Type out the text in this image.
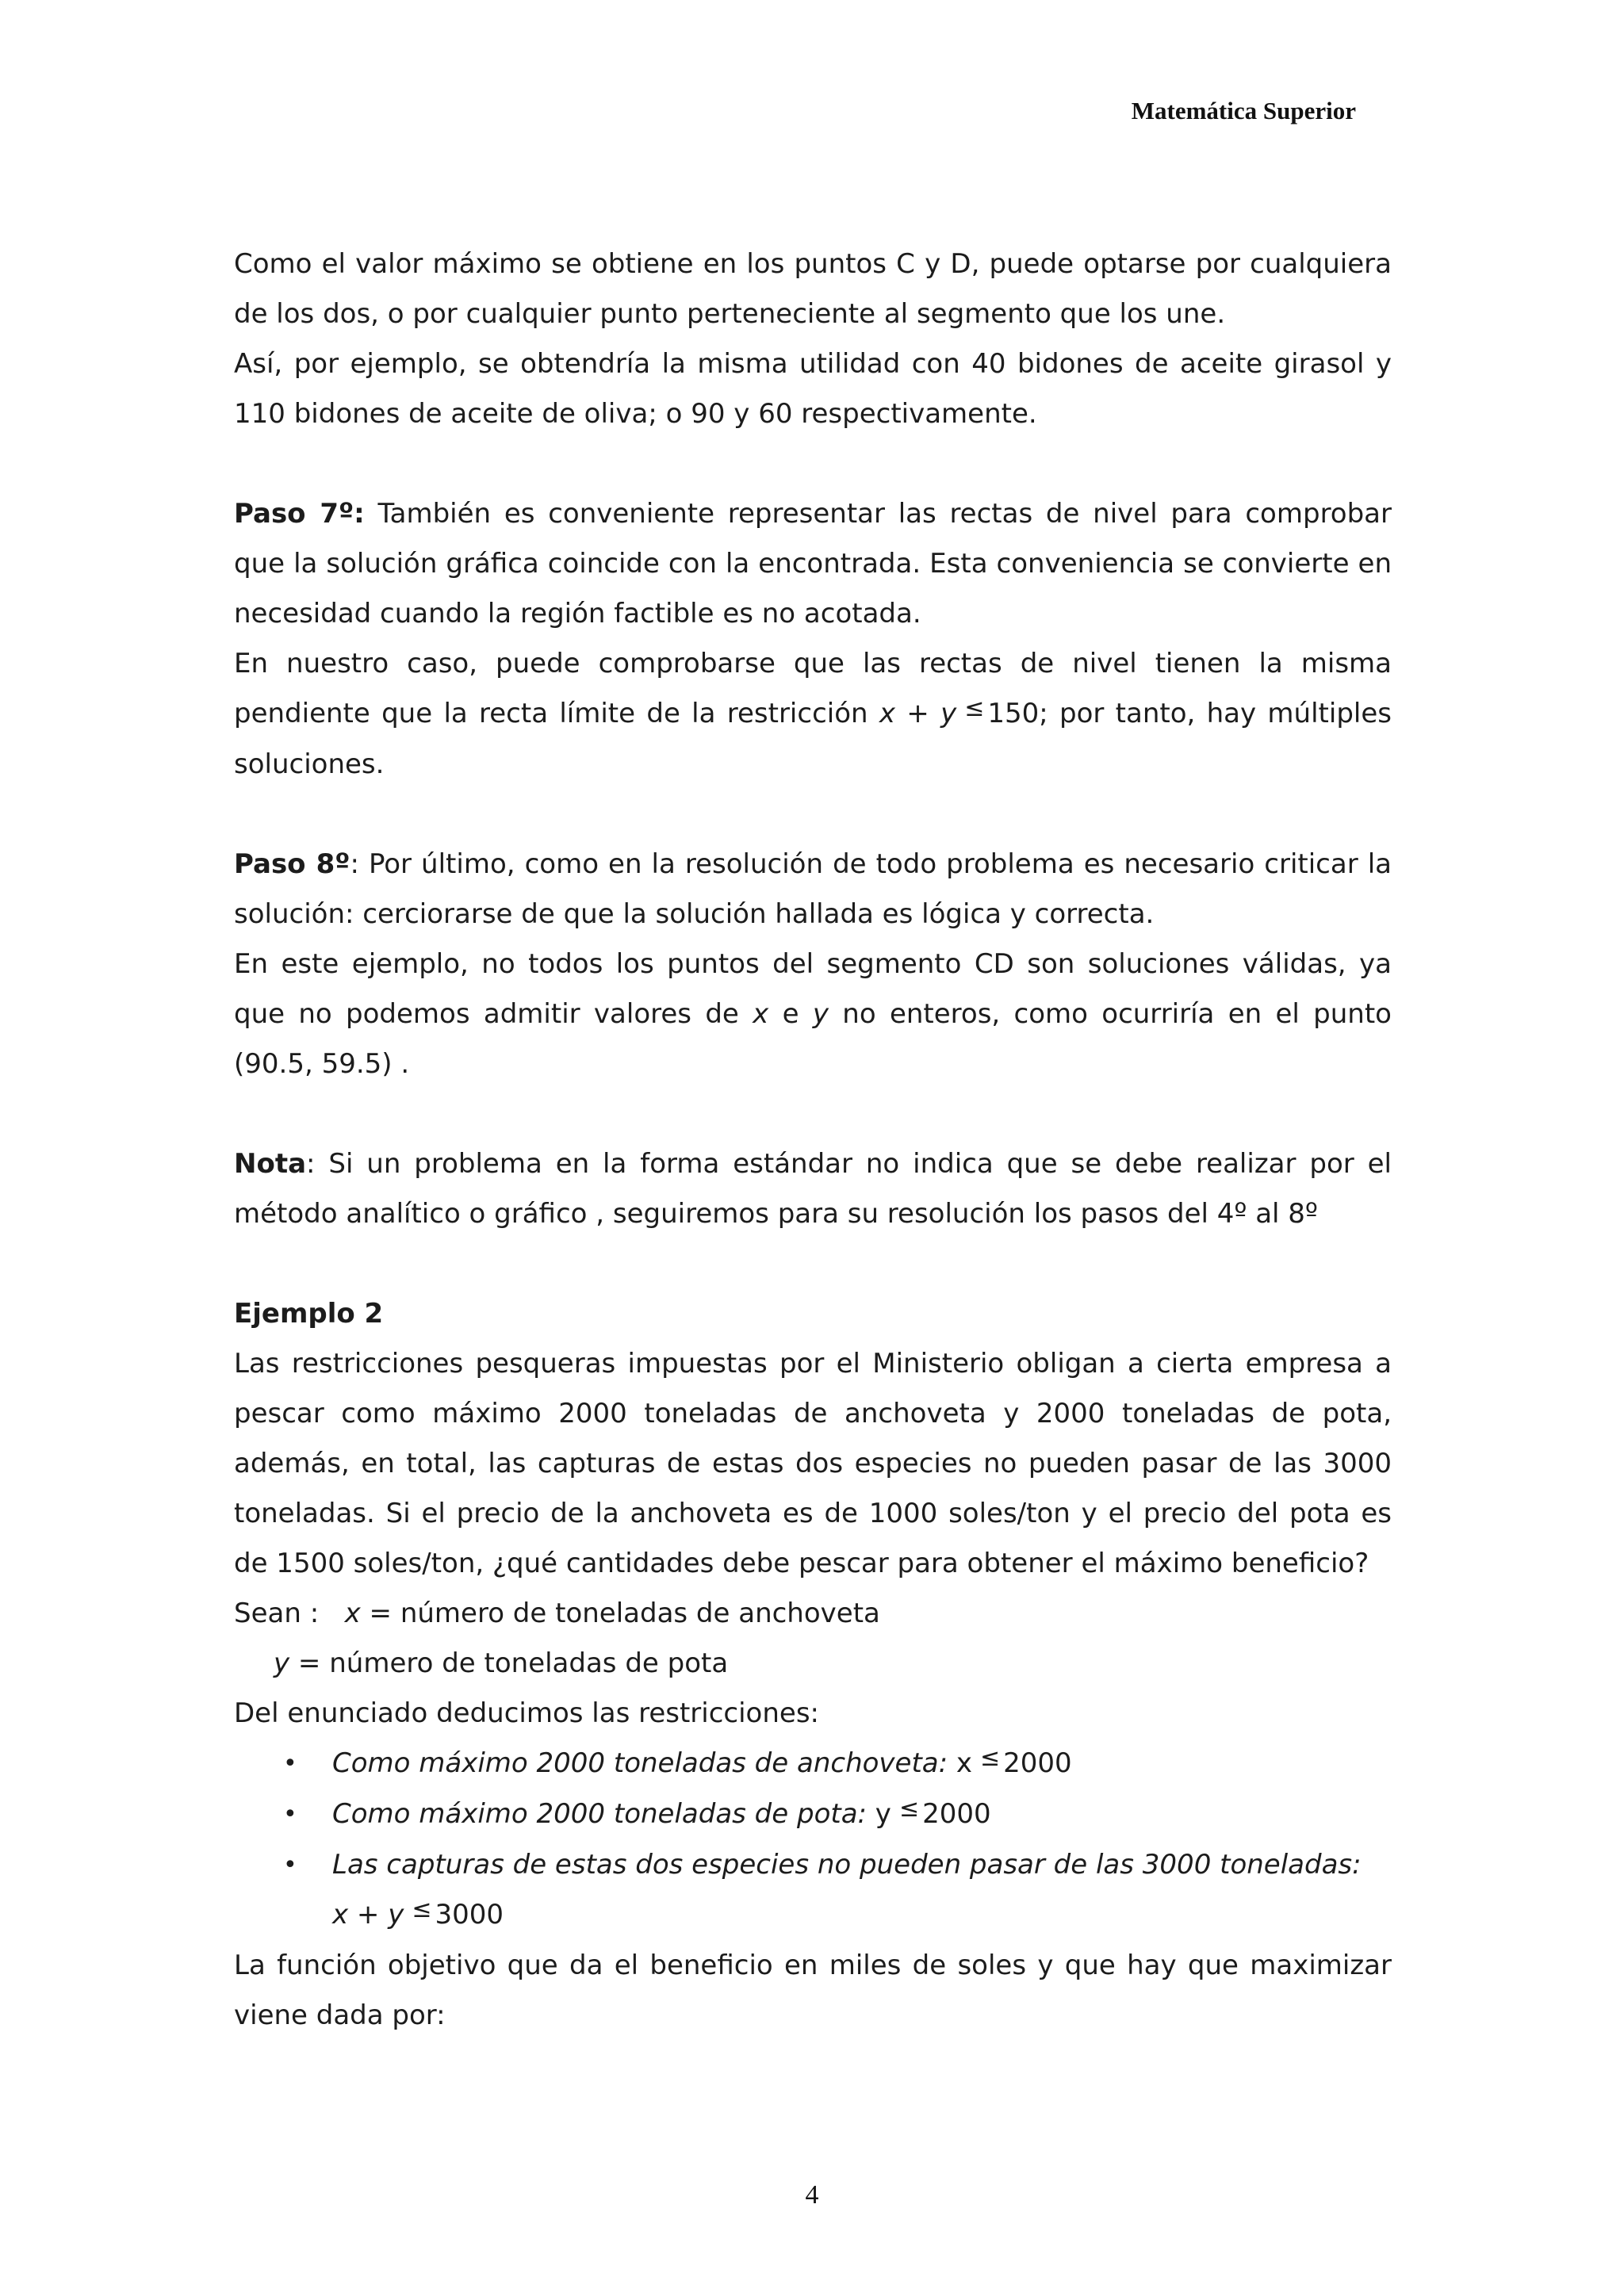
Matemática Superior

Como el valor máximo se obtiene en los puntos C y D, puede optarse por cualquiera de los dos, o por cualquier punto perteneciente al segmento que los une.

Así, por ejemplo, se obtendría la misma utilidad con 40 bidones de aceite girasol y 110 bidones de aceite de oliva; o 90 y 60 respectivamente.

Paso 7º: También es conveniente representar las rectas de nivel para comprobar que la solución gráfica coincide con la encontrada. Esta conveniencia se convierte en necesidad cuando la región factible es no acotada.

En nuestro caso, puede comprobarse que las rectas de nivel tienen la misma pendiente que la recta límite de la restricción x + y ≤ 150; por tanto, hay múltiples soluciones.

Paso 8º: Por último, como en la resolución de todo problema es necesario criticar la solución: cerciorarse de que la solución hallada es lógica y correcta.

En este ejemplo, no todos los puntos del segmento CD son soluciones válidas, ya que no podemos admitir valores de x e y no enteros, como ocurriría en el punto (90.5, 59.5) .

Nota: Si un problema en la forma estándar no indica que se debe realizar por el método analítico o gráfico , seguiremos para su resolución los pasos del 4º al 8º

Ejemplo 2

Las restricciones pesqueras impuestas por el Ministerio obligan a cierta empresa a pescar como máximo 2000 toneladas de anchoveta y 2000 toneladas de pota, además, en total, las capturas de estas dos especies no pueden pasar de las 3000 toneladas. Si el precio de la anchoveta es de 1000 soles/ton y el precio del pota es de 1500 soles/ton, ¿qué cantidades debe pescar para obtener el máximo beneficio?

Sean : x = número de toneladas de anchoveta

y = número de toneladas de pota

Del enunciado deducimos las restricciones:

• Como máximo 2000 toneladas de anchoveta: x ≤ 2000
• Como máximo 2000 toneladas de pota: y ≤ 2000
• Las capturas de estas dos especies no pueden pasar de las 3000 toneladas:
x + y ≤ 3000

La función objetivo que da el beneficio en miles de soles y que hay que maximizar viene dada por:

4
